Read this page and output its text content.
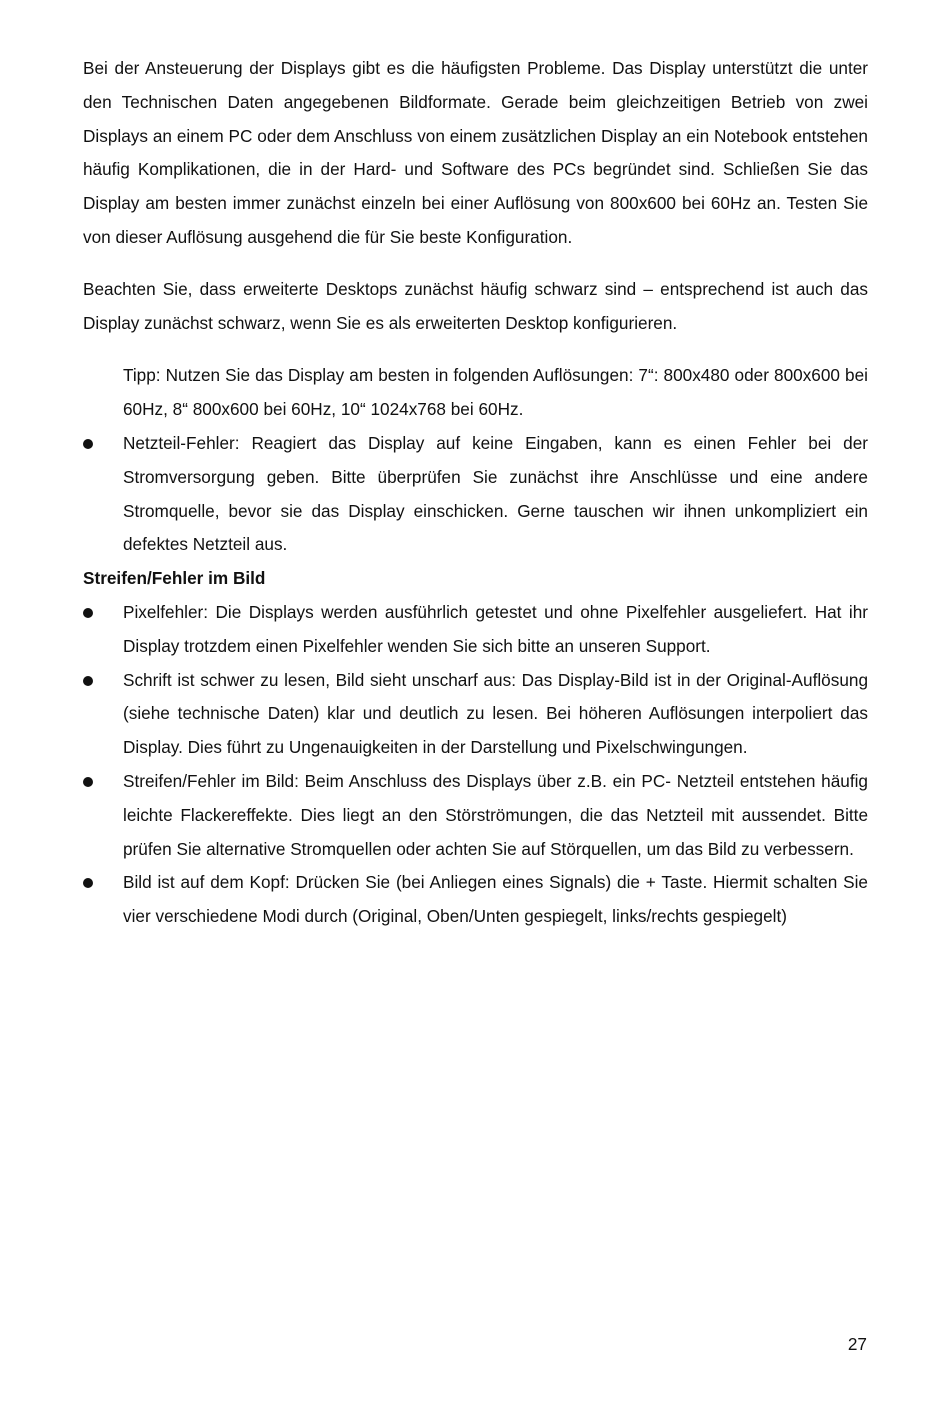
Bei der Ansteuerung der Displays gibt es die häufigsten Probleme. Das Display unterstützt die unter den Technischen Daten angegebenen Bildformate. Gerade beim gleichzeitigen Betrieb von zwei Displays an einem PC oder dem Anschluss von einem zusätzlichen Display an ein Notebook entstehen häufig Komplikationen, die in der Hard- und Software des PCs begründet sind. Schließen Sie das Display am besten immer zunächst einzeln bei einer Auflösung von 800x600 bei 60Hz an. Testen Sie von dieser Auflösung ausgehend die für Sie beste Konfiguration.

Beachten Sie, dass erweiterte Desktops zunächst häufig schwarz sind – entsprechend ist auch das Display zunächst schwarz, wenn Sie es als erweiterten Desktop konfigurieren.

Tipp: Nutzen Sie das Display am besten in folgenden Auflösungen: 7“: 800x480 oder 800x600 bei 60Hz, 8“ 800x600 bei 60Hz, 10“ 1024x768 bei 60Hz.

Netzteil-Fehler: Reagiert das Display auf keine Eingaben, kann es einen Fehler bei der Stromversorgung geben. Bitte überprüfen Sie zunächst ihre Anschlüsse und eine andere Stromquelle, bevor sie das Display einschicken. Gerne tauschen wir ihnen unkompliziert ein defektes Netzteil aus.
Streifen/Fehler im Bild
Pixelfehler: Die Displays werden ausführlich getestet und ohne Pixelfehler ausgeliefert. Hat ihr Display trotzdem einen Pixelfehler wenden Sie sich bitte an unseren Support.
Schrift ist schwer zu lesen, Bild sieht unscharf aus: Das Display-Bild ist in der Original-Auflösung (siehe technische Daten) klar und deutlich zu lesen. Bei höheren Auflösungen interpoliert das Display. Dies führt zu Ungenauigkeiten in der Darstellung und Pixelschwingungen.
Streifen/Fehler im Bild: Beim Anschluss des Displays über z.B. ein PC- Netzteil entstehen häufig leichte Flackereffekte. Dies liegt an den Störströmungen, die das Netzteil mit aussendet. Bitte prüfen Sie alternative Stromquellen oder achten Sie auf Störquellen, um das Bild zu verbessern.
Bild ist auf dem Kopf: Drücken Sie (bei Anliegen eines Signals) die + Taste. Hiermit schalten Sie vier verschiedene Modi durch (Original, Oben/Unten gespiegelt, links/rechts gespiegelt)
27
